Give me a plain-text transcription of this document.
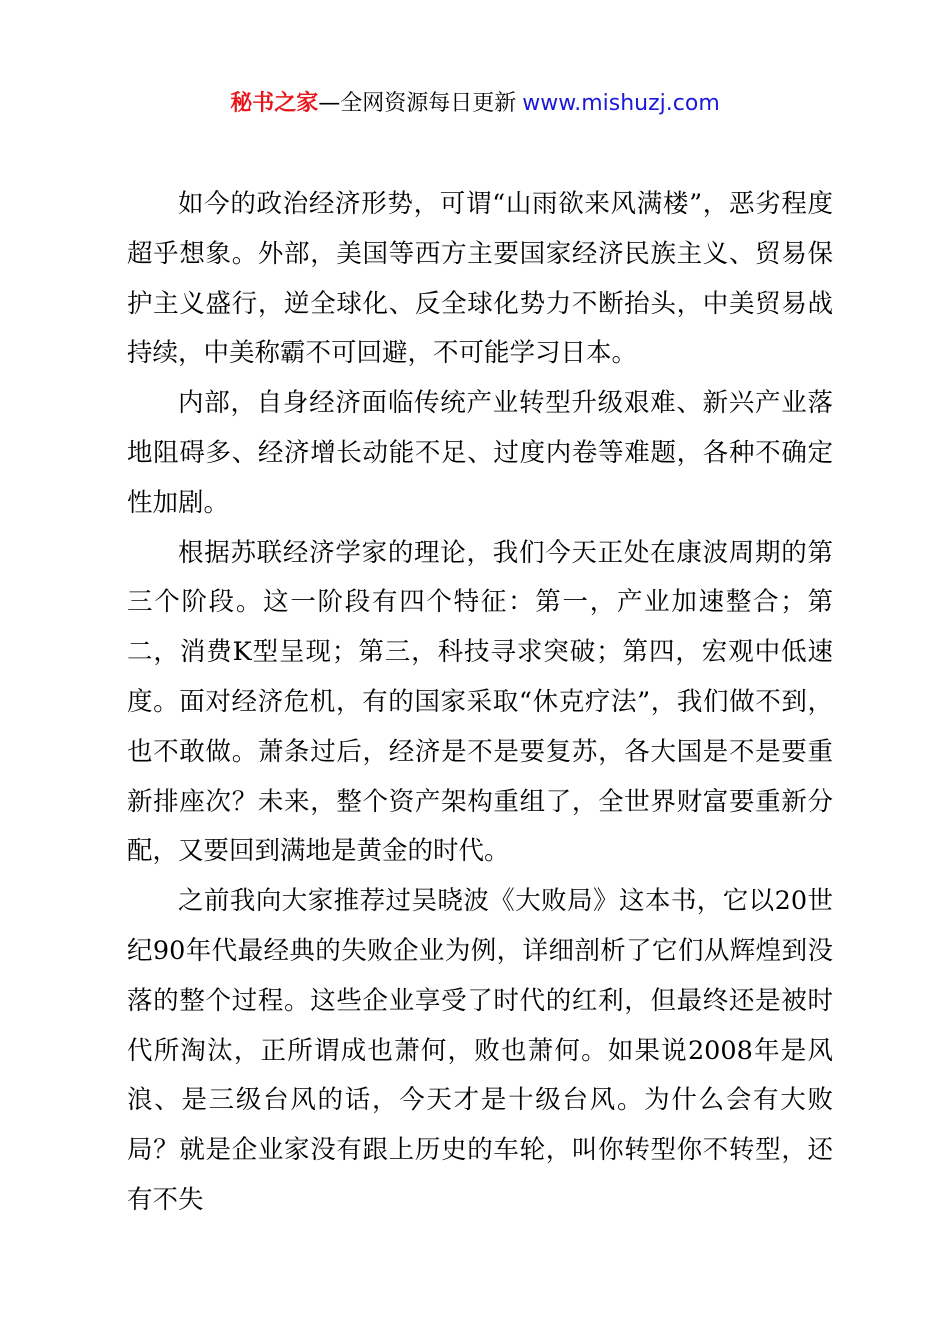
秘书之家—全网资源每日更新 www.mishuzj.com

如今的政治经济形势，可谓“山雨欲来风满楼”，恶劣程度超乎想象。外部，美国等西方主要国家经济民族主义、贸易保护主义盛行，逆全球化、反全球化势力不断抬头，中美贸易战持续，中美称霸不可回避，不可能学习日本。

内部，自身经济面临传统产业转型升级艰难、新兴产业落地阻碍多、经济增长动能不足、过度内卷等难题，各种不确定性加剧。

根据苏联经济学家的理论，我们今天正处在康波周期的第三个阶段。这一阶段有四个特征：第一，产业加速整合；第二，消费K型呈现；第三，科技寻求突破；第四，宏观中低速度。面对经济危机，有的国家采取“休克疗法”，我们做不到，也不敢做。萧条过后，经济是不是要复苏，各大国是不是要重新排座次？未来，整个资产架构重组了，全世界财富要重新分配，又要回到满地是黄金的时代。

之前我向大家推荐过吴晓波《大败局》这本书，它以20世纪90年代最经典的失败企业为例，详细剖析了它们从辉煌到没落的整个过程。这些企业享受了时代的红利，但最终还是被时代所淘汰，正所谓成也萧何，败也萧何。如果说2008年是风浪、是三级台风的话，今天才是十级台风。为什么会有大败局？就是企业家没有跟上历史的车轮，叫你转型你不转型，还有不失
